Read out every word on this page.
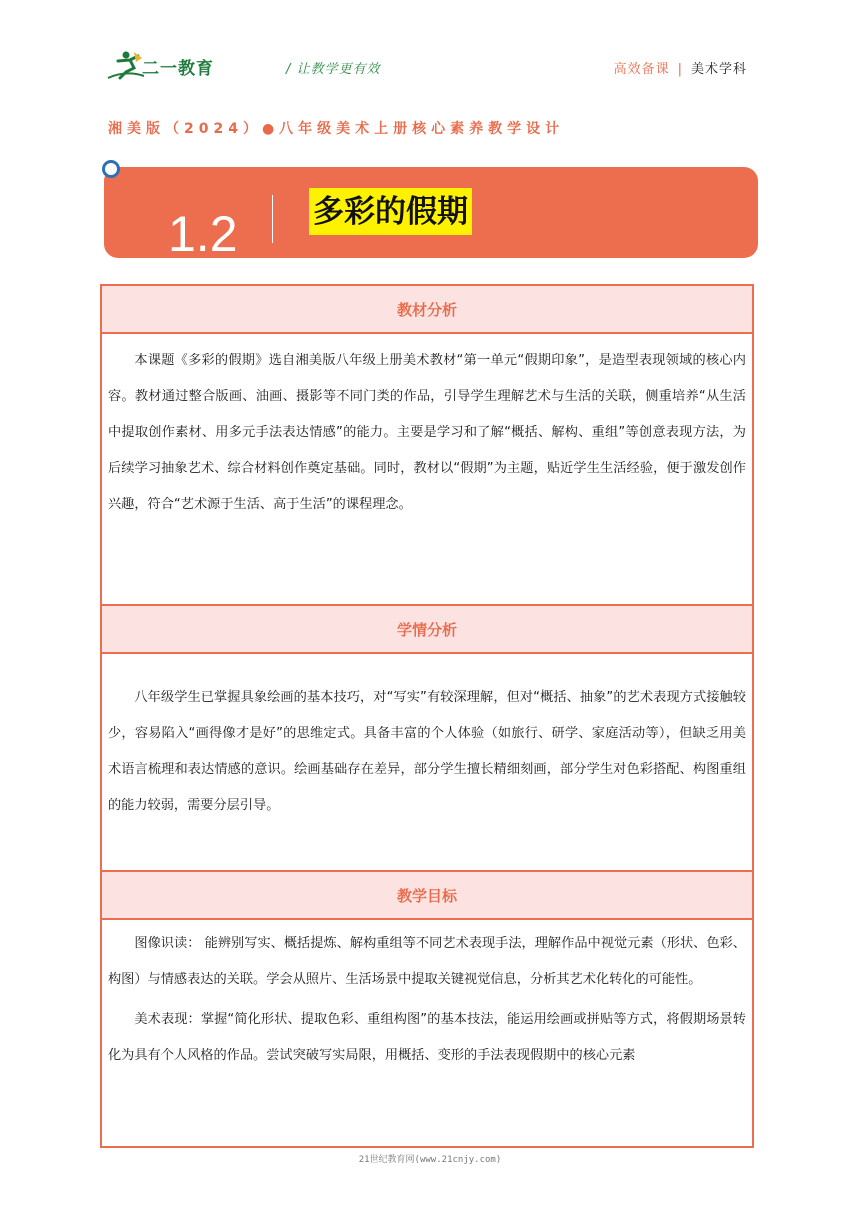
二一教育	/ 让教学更有效	高效备课 | 美术学科
湘美版（2024）●八年级美术上册核心素养教学设计
1.2 多彩的假期
教材分析

本课题《多彩的假期》选自湘美版八年级上册美术教材“第一单元“假期印象”，是造型表现领域的核心内容。教材通过整合版画、油画、摄影等不同门类的作品，引导学生理解艺术与生活的关联，侧重培养“从生活中提取创作素材、用多元手法表达情感”的能力。主要是学习和了解“概括、解构、重组”等创意表现方法，为后续学习抽象艺术、综合材料创作奠定基础。同时，教材以“假期”为主题，贴近学生生活经验，便于激发创作兴趣，符合“艺术源于生活、高于生活”的课程理念。

学情分析

八年级学生已掌握具象绘画的基本技巧，对“写实”有较深理解，但对“概括、抽象”的艺术表现方式接触较少，容易陷入“画得像才是好”的思维定式。具备丰富的个人体验（如旅行、研学、家庭活动等），但缺乏用美术语言梳理和表达情感的意识。绘画基础存在差异，部分学生擅长精细刻画，部分学生对色彩搭配、构图重组的能力较弱，需要分层引导。

教学目标

图像识读： 能辨别写实、概括提炼、解构重组等不同艺术表现手法，理解作品中视觉元素（形状、色彩、构图）与情感表达的关联。学会从照片、生活场景中提取关键视觉信息，分析其艺术化转化的可能性。

美术表现：掌握“简化形状、提取色彩、重组构图”的基本技法，能运用绘画或拼贴等方式，将假期场景转化为具有个人风格的作品。尝试突破写实局限，用概括、变形的手法表现假期中的核心元素

21世纪教育网(www.21cnjy.com)
